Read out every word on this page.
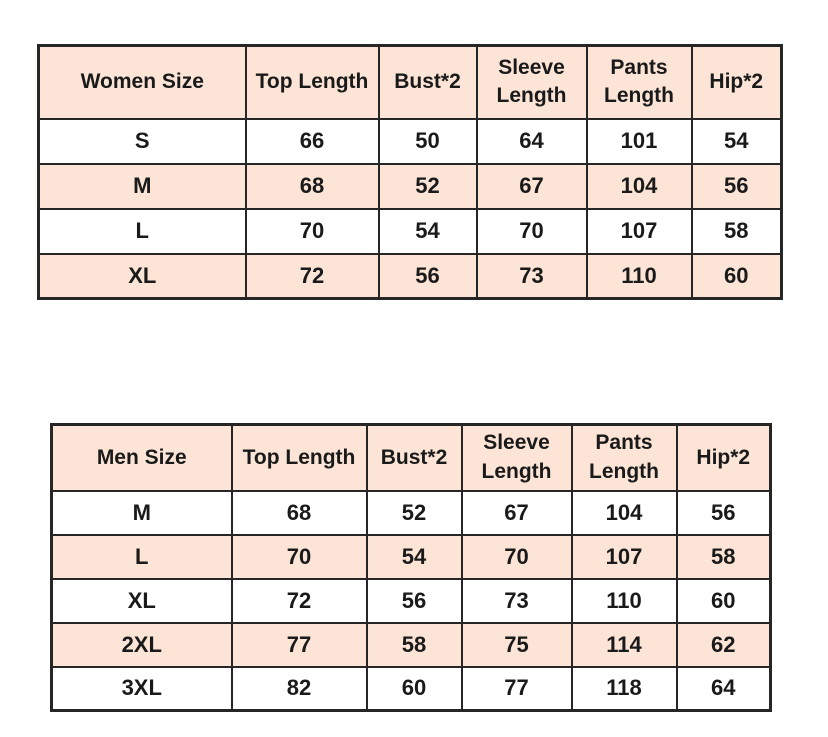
Women Size	Top Length	Bust*2	Sleeve Length	Pants Length	Hip*2
S	66	50	64	101	54
M	68	52	67	104	56
L	70	54	70	107	58
XL	72	56	73	110	60
Men Size	Top Length	Bust*2	Sleeve Length	Pants Length	Hip*2
M	68	52	67	104	56
L	70	54	70	107	58
XL	72	56	73	110	60
2XL	77	58	75	114	62
3XL	82	60	77	118	64
